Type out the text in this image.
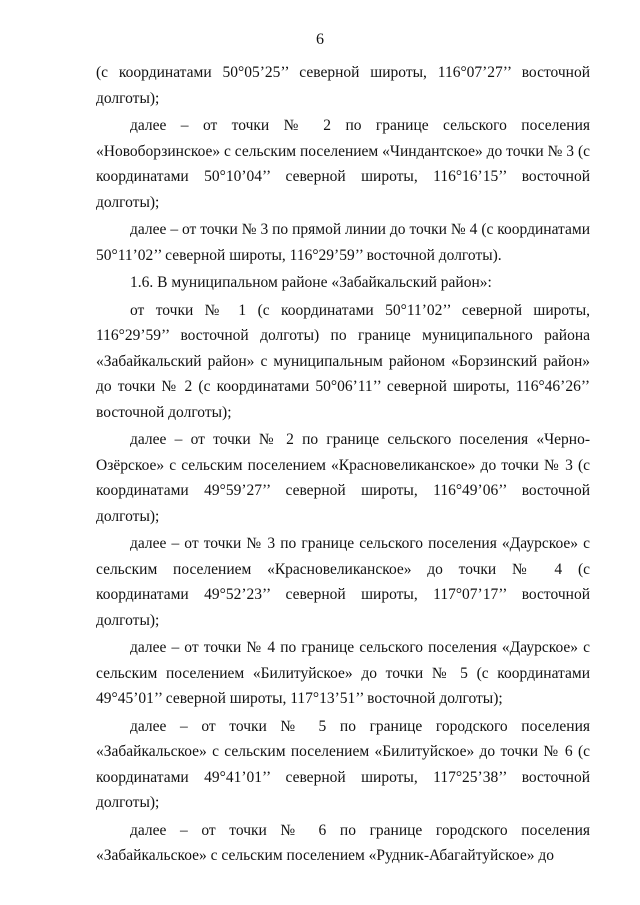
6

(с координатами 50°05’25’’ северной широты, 116°07’27’’ восточной долготы);

далее – от точки № 2 по границе сельского поселения «Новоборзинское» с сельским поселением «Чиндантское» до точки № 3 (с координатами 50°10’04’’ северной широты, 116°16’15’’ восточной долготы);

далее – от точки № 3 по прямой линии до точки № 4 (с координатами 50°11’02’’ северной широты, 116°29’59’’ восточной долготы).

1.6. В муниципальном районе «Забайкальский район»:

от точки № 1 (с координатами 50°11’02’’ северной широты, 116°29’59’’ восточной долготы) по границе муниципального района «Забайкальский район» с муниципальным районом «Борзинский район» до точки № 2 (с координатами 50°06’11’’ северной широты, 116°46’26’’ восточной долготы);

далее – от точки № 2 по границе сельского поселения «Черно-Озёрское» с сельским поселением «Красновеликанское» до точки № 3 (с координатами 49°59’27’’ северной широты, 116°49’06’’ восточной долготы);

далее – от точки № 3 по границе сельского поселения «Даурское» с сельским поселением «Красновеликанское» до точки № 4 (с координатами 49°52’23’’ северной широты, 117°07’17’’ восточной долготы);

далее – от точки № 4 по границе сельского поселения «Даурское» с сельским поселением «Билитуйское» до точки № 5 (с координатами 49°45’01’’ северной широты, 117°13’51’’ восточной долготы);

далее – от точки № 5 по границе городского поселения «Забайкальское» с сельским поселением «Билитуйское» до точки № 6 (с координатами 49°41’01’’ северной широты, 117°25’38’’ восточной долготы);

далее – от точки № 6 по границе городского поселения «Забайкальское» с сельским поселением «Рудник-Абагайтуйское» до
